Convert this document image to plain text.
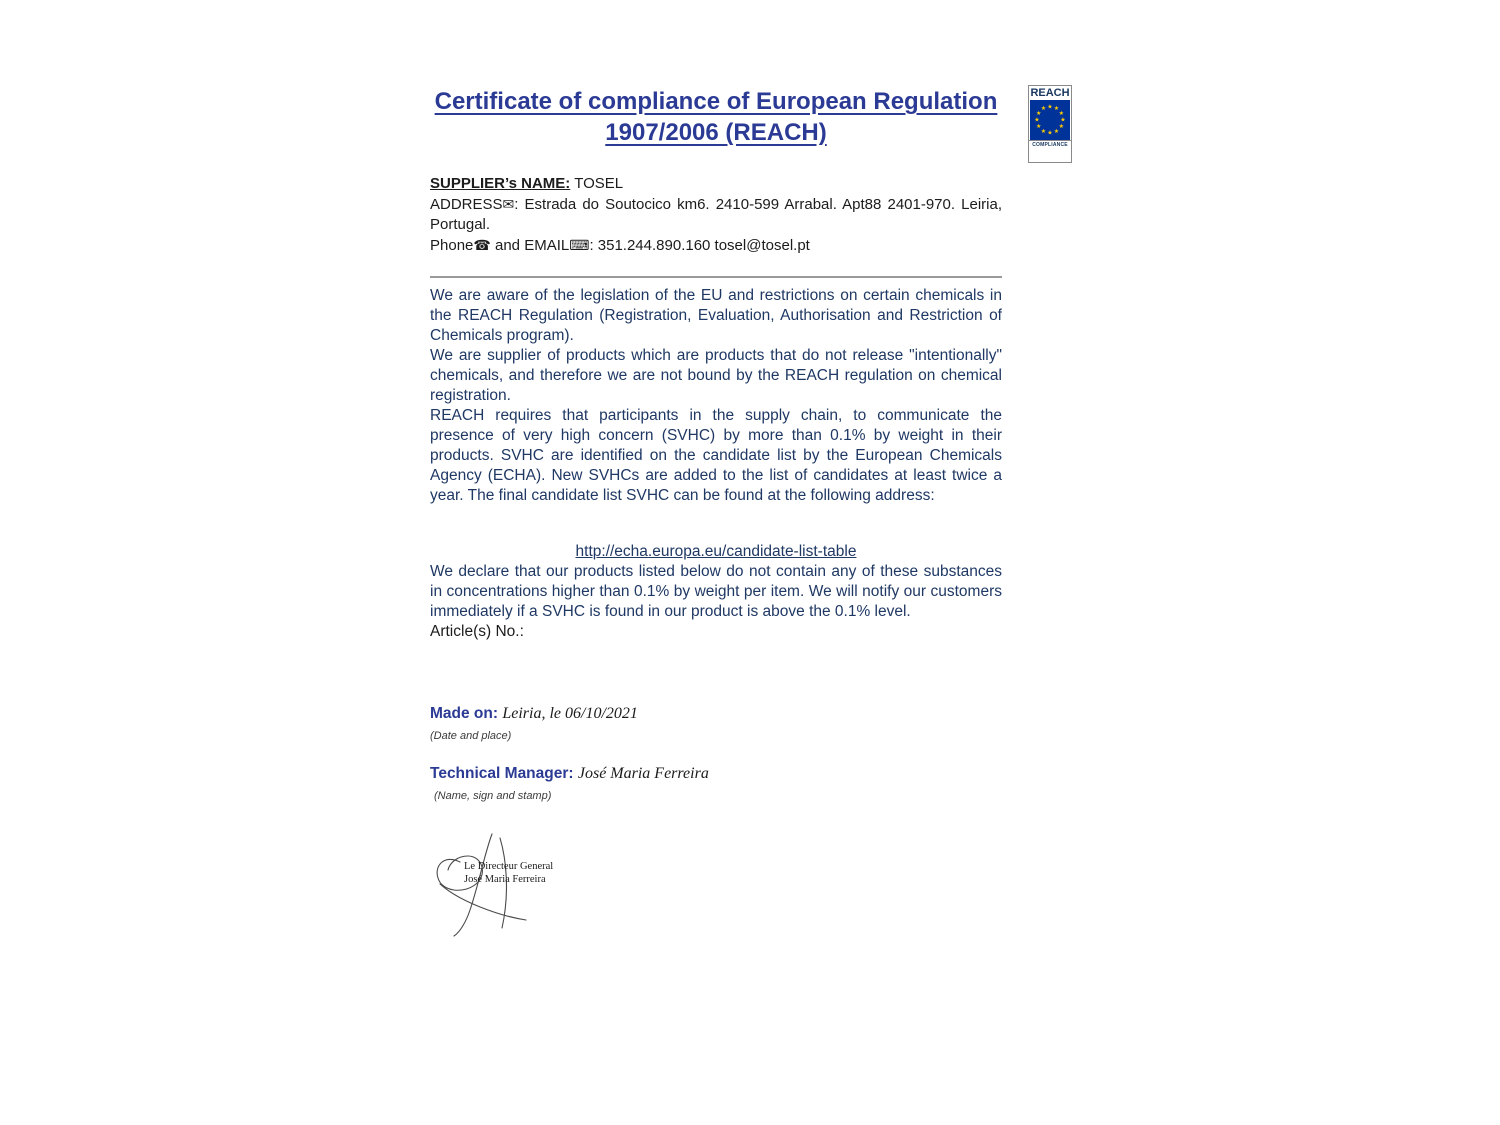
REACH
★ ★
★
★
★
★
★
★
★
★
★
★
COMPLIANCE
Certificate of compliance of European Regulation
1907/2006 (REACH)
SUPPLIER’s NAME: TOSEL
ADDRESS✉: Estrada do Soutocico km6. 2410-599 Arrabal. Apt88 2401-970. Leiria, Portugal.
Phone☎ and EMAIL⌨: 351.244.890.160 tosel@tosel.pt

We are aware of the legislation of the EU and restrictions on certain chemicals in the REACH Regulation (Registration, Evaluation, Authorisation and Restriction of Chemicals program).

We are supplier of products which are products that do not release "intentionally" chemicals, and therefore we are not bound by the REACH regulation on chemical registration.

REACH requires that participants in the supply chain, to communicate the presence of very high concern (SVHC) by more than 0.1% by weight in their products. SVHC are identified on the candidate list by the European Chemicals Agency (ECHA). New SVHCs are added to the list of candidates at least twice a year. The final candidate list SVHC can be found at the following address:

http://echa.europa.eu/candidate-list-table

We declare that our products listed below do not contain any of these substances in concentrations higher than 0.1% by weight per item. We will notify our customers immediately if a SVHC is found in our product is above the 0.1% level.

Article(s) No.:

Made on: Leiria, le 06/10/2021
(Date and place)
Technical Manager: José Maria Ferreira
(Name, sign and stamp)
Le Directeur General
José Maria Ferreira
